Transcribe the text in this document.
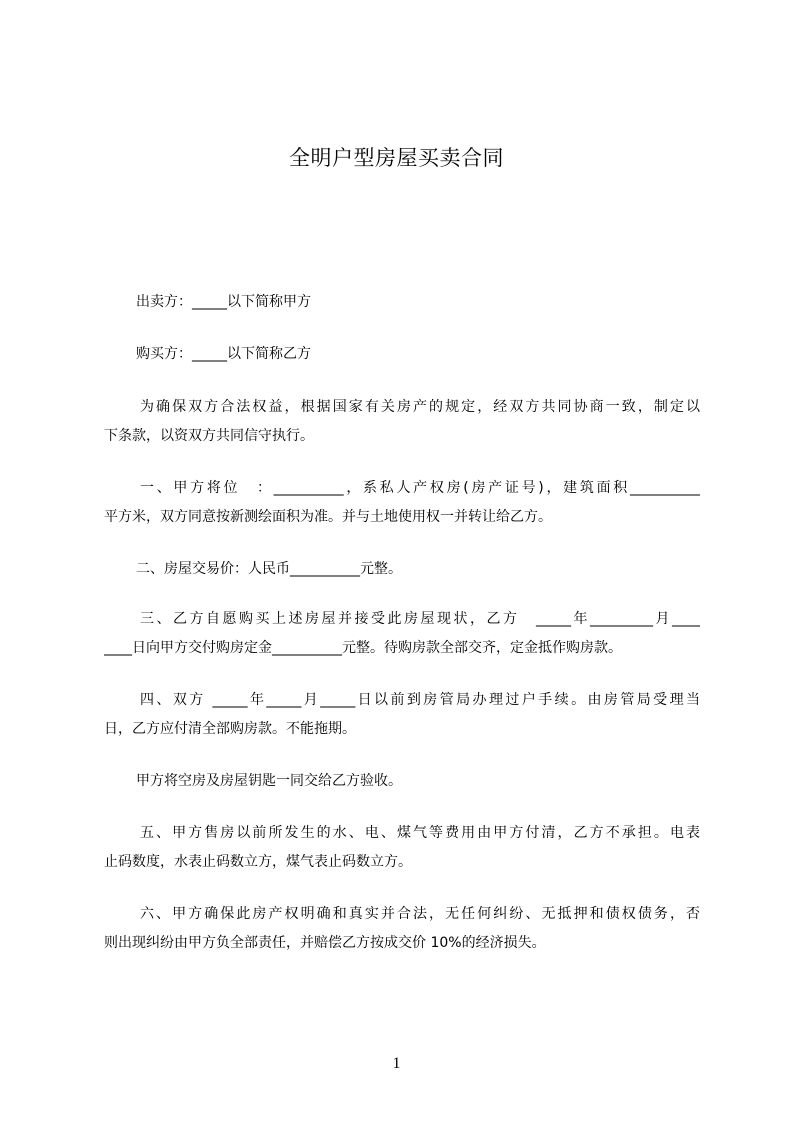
全明户型房屋买卖合同
出卖方：_____以下简称甲方
购买方：_____以下简称乙方
为确保双方合法权益，根据国家有关房产的规定，经双方共同协商一致，制定以
下条款，以资双方共同信守执行。
一、甲方将位　：__________，系私人产权房(房产证号)，建筑面积__________
平方米，双方同意按新测绘面积为准。并与土地使用权一并转让给乙方。
二、房屋交易价：人民币__________元整。
三、乙方自愿购买上述房屋并接受此房屋现状，乙方　_____年_________月____
____日向甲方交付购房定金__________元整。待购房款全部交齐，定金抵作购房款。
四、双方 _____年_____月_____日以前到房管局办理过户手续。由房管局受理当
日，乙方应付清全部购房款。不能拖期。
甲方将空房及房屋钥匙一同交给乙方验收。
五、甲方售房以前所发生的水、电、煤气等费用由甲方付清，乙方不承担。电表
止码数度，水表止码数立方，煤气表止码数立方。
六、甲方确保此房产权明确和真实并合法，无任何纠纷、无抵押和债权债务，否
则出现纠纷由甲方负全部责任，并赔偿乙方按成交价 10%的经济损失。
1
